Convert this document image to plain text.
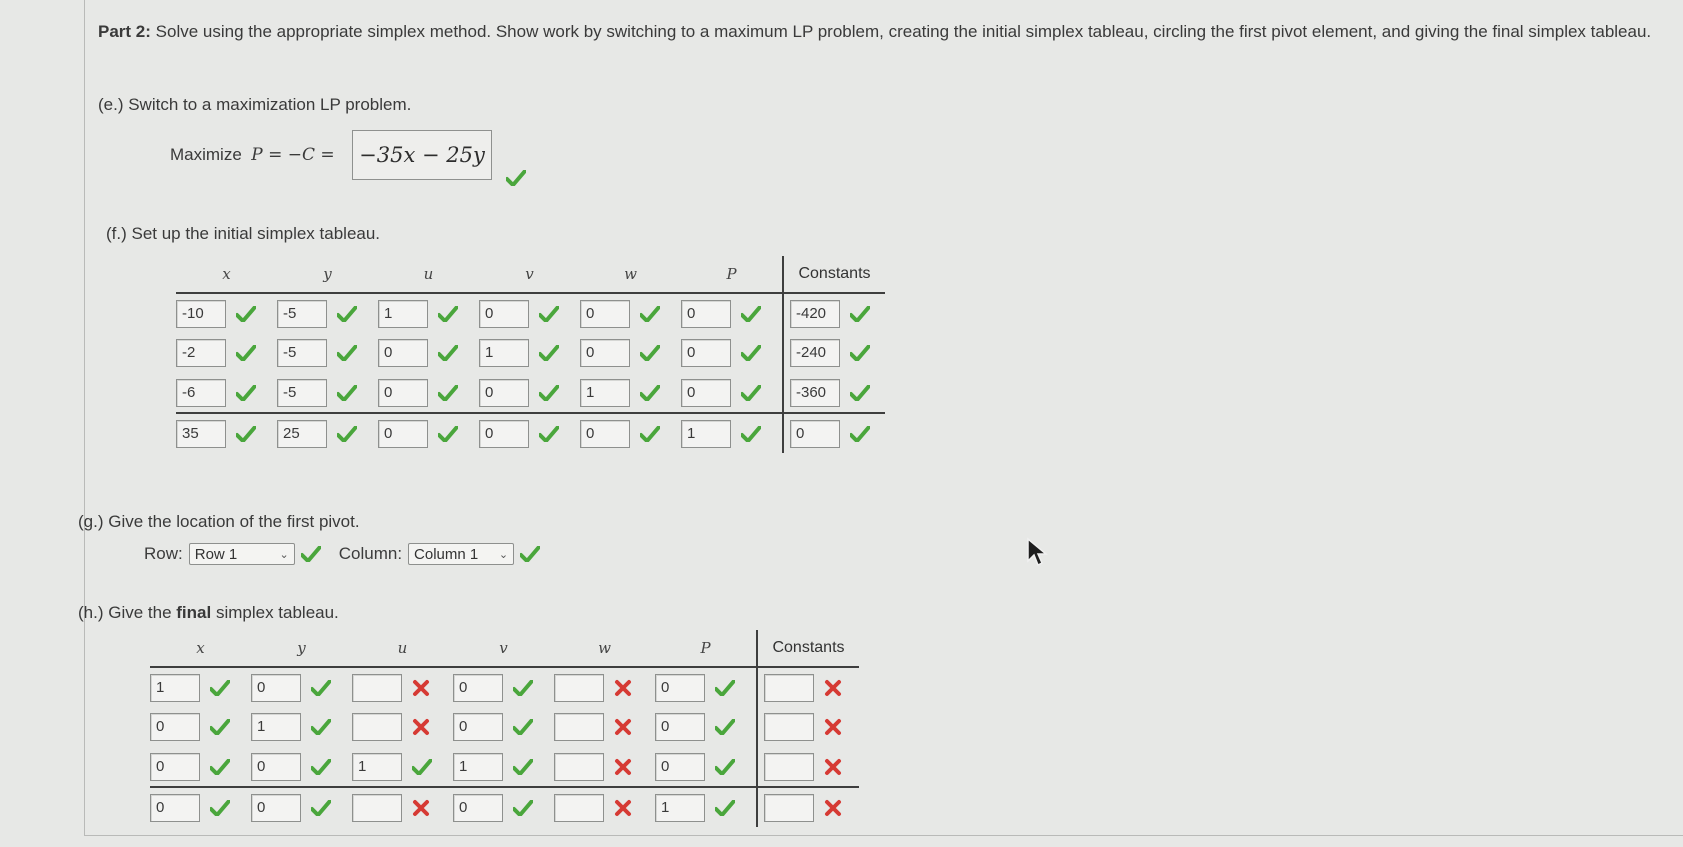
Part 2: Solve using the appropriate simplex method. Show work by switching to a maximum LP problem, creating the initial simplex tableau, circling the first pivot element, and giving the final simplex tableau.
(e.) Switch to a maximization LP problem.
Maximize P = −C =	−35x − 25y
(f.) Set up the initial simplex tableau.
x	y	u	v	w	P	Constants

-10	-5	1	0	0	0	-420

-2	-5	0	1	0	0	-240

-6	-5	0	0	1	0	-360

35	25	0	0	0	1	0
(g.) Give the location of the first pivot.
Row: Row 1	⌄	Column: Column 1 ⌄
(h.) Give the final simplex tableau.
x	y	u	v	w	P	Constants

1	0		0		0

0	1		0		0

0	0	1	1		0

0	0		0		1
